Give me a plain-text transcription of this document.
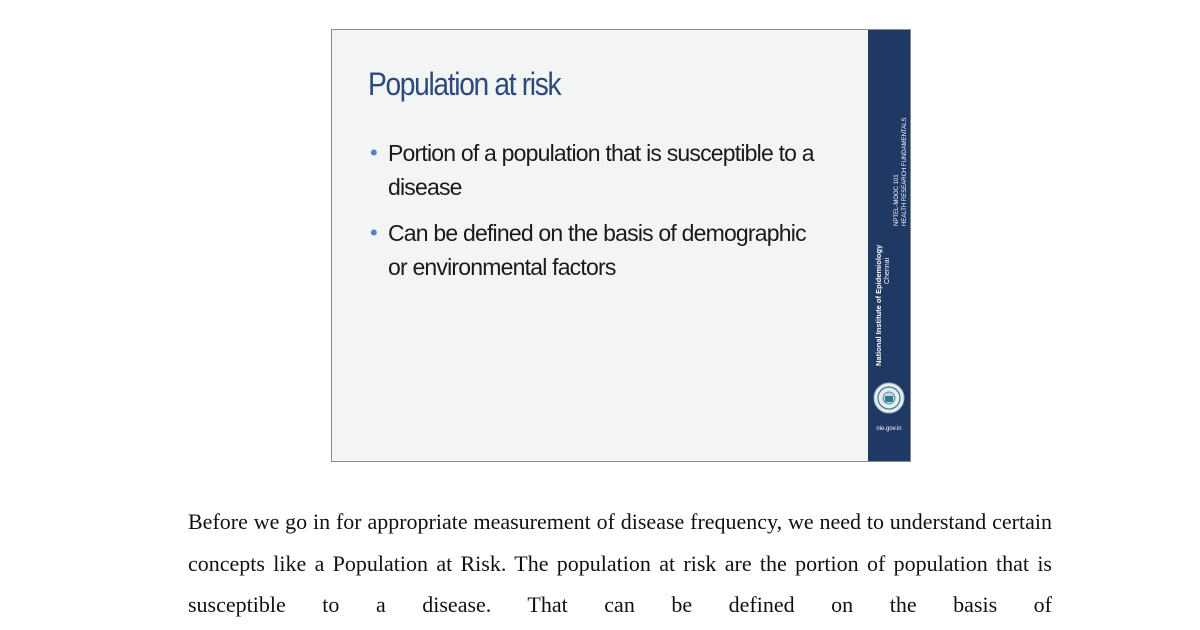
Population at risk
• Portion of a population that is susceptible to a disease
• Can be defined on the basis of demographic or environmental factors	National Institute of Epidemiology Chennai
NPTEL-MOOC 101 HEALTH RESEARCH FUNDAMENTALS
nie.gov.in

Before we go in for appropriate measurement of disease frequency, we need to understand certain concepts like a Population at Risk. The population at risk are the portion of population that is susceptible to a disease. That can be defined on the basis of
